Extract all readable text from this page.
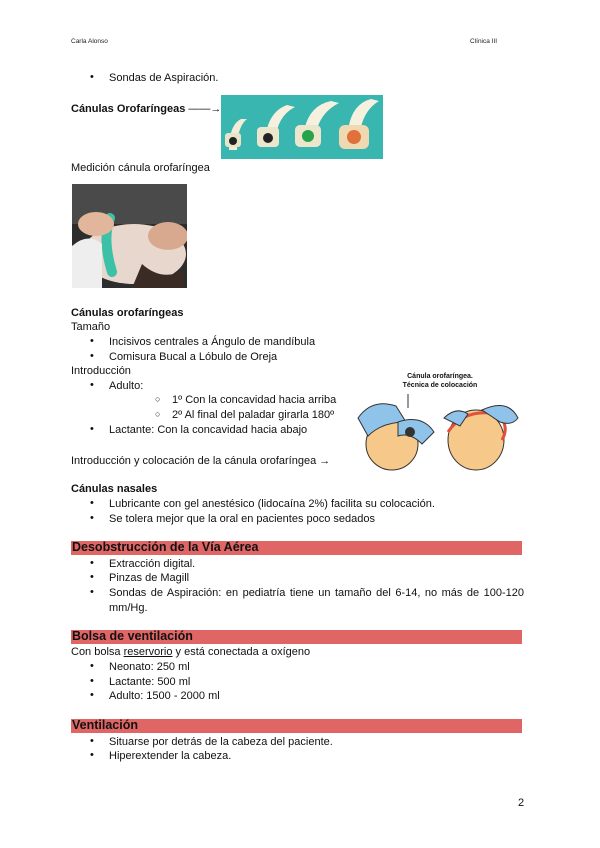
Carla Alonso	Clínica III
• Sondas de Aspiración.
Cánulas Orofaríngeas ——→
Medición cánula orofaríngea
Cánulas orofaríngeas
Tamaño
• Incisivos centrales a Ángulo de mandíbula
• Comisura Bucal a Lóbulo de Oreja
Introducción
• Adulto:
○ 1º Con la concavidad hacia arriba
○ 2º Al final del paladar girarla 180º
• Lactante: Con la concavidad hacia abajo
Introducción y colocación de la cánula orofaríngea →
Cánula orofaríngea.
Técnica de colocación
Cánulas nasales
• Lubricante con gel anestésico (lidocaína 2%) facilita su colocación.
• Se tolera mejor que la oral en pacientes poco sedados
Desobstrucción de la Vía Aérea
• Extracción digital.
• Pinzas de Magill
• Sondas de Aspiración: en pediatría tiene un tamaño del 6-14, no más de 100-120
mm/Hg.
Bolsa de ventilación
Con bolsa reservorio y está conectada a oxígeno
• Neonato: 250 ml
• Lactante: 500 ml
• Adulto: 1500 - 2000 ml
Ventilación
• Situarse por detrás de la cabeza del paciente.
• Hiperextender la cabeza.
2
